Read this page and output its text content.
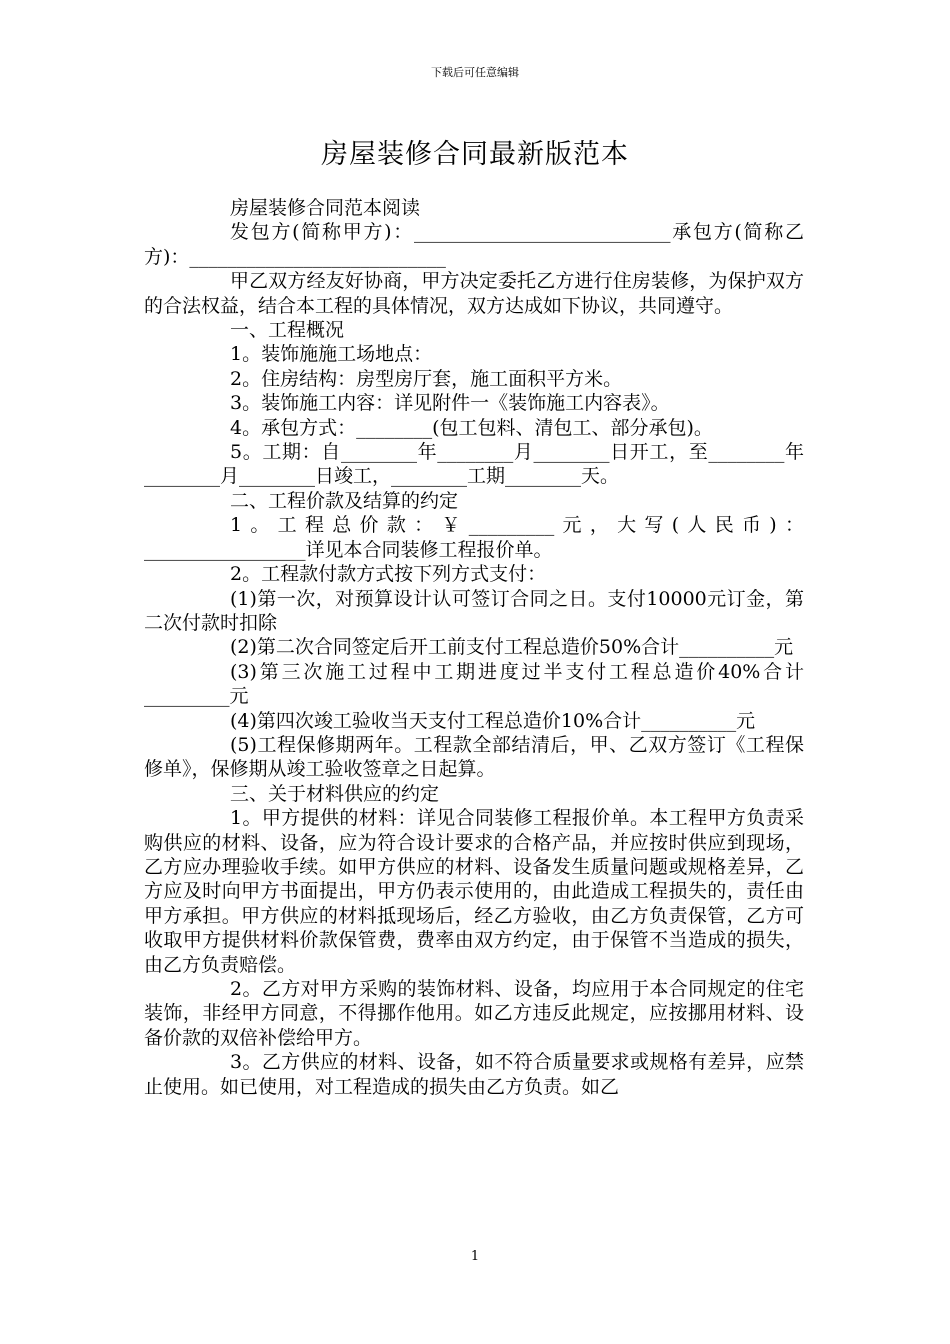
下载后可任意编辑
房屋装修合同最新版范本

房屋装修合同范本阅读

发包方(简称甲方)：___________________________承包方(简称乙方)：___________________________

甲乙双方经友好协商，甲方决定委托乙方进行住房装修，为保护双方的合法权益，结合本工程的具体情况，双方达成如下协议，共同遵守。

一、工程概况

1。装饰施施工场地点：

2。住房结构：房型房厅套，施工面积平方米。

3。装饰施工内容：详见附件一《装饰施工内容表》。

4。承包方式：________(包工包料、清包工、部分承包)。

5。工期：自________年________月________日开工，至________年________月________日竣工，________工期________天。

二、工程价款及结算的约定

1。工程总价款：￥_________元，大写(人民币)：_________________详见本合同装修工程报价单。

2。工程款付款方式按下列方式支付：

(1)第一次，对预算设计认可签订合同之日。支付10000元订金，第二次付款时扣除

(2)第二次合同签定后开工前支付工程总造价50%合计__________元

(3)第三次施工过程中工期进度过半支付工程总造价40%合计_________元

(4)第四次竣工验收当天支付工程总造价10%合计__________元

(5)工程保修期两年。工程款全部结清后，甲、乙双方签订《工程保修单》，保修期从竣工验收签章之日起算。

三、关于材料供应的约定

1。甲方提供的材料：详见合同装修工程报价单。本工程甲方负责采购供应的材料、设备，应为符合设计要求的合格产品，并应按时供应到现场，乙方应办理验收手续。如甲方供应的材料、设备发生质量问题或规格差异，乙方应及时向甲方书面提出，甲方仍表示使用的，由此造成工程损失的，责任由甲方承担。甲方供应的材料抵现场后，经乙方验收，由乙方负责保管，乙方可收取甲方提供材料价款保管费，费率由双方约定，由于保管不当造成的损失，由乙方负责赔偿。

2。乙方对甲方采购的装饰材料、设备，均应用于本合同规定的住宅装饰，非经甲方同意，不得挪作他用。如乙方违反此规定，应按挪用材料、设备价款的双倍补偿给甲方。

3。乙方供应的材料、设备，如不符合质量要求或规格有差异，应禁止使用。如已使用，对工程造成的损失由乙方负责。如乙

1
